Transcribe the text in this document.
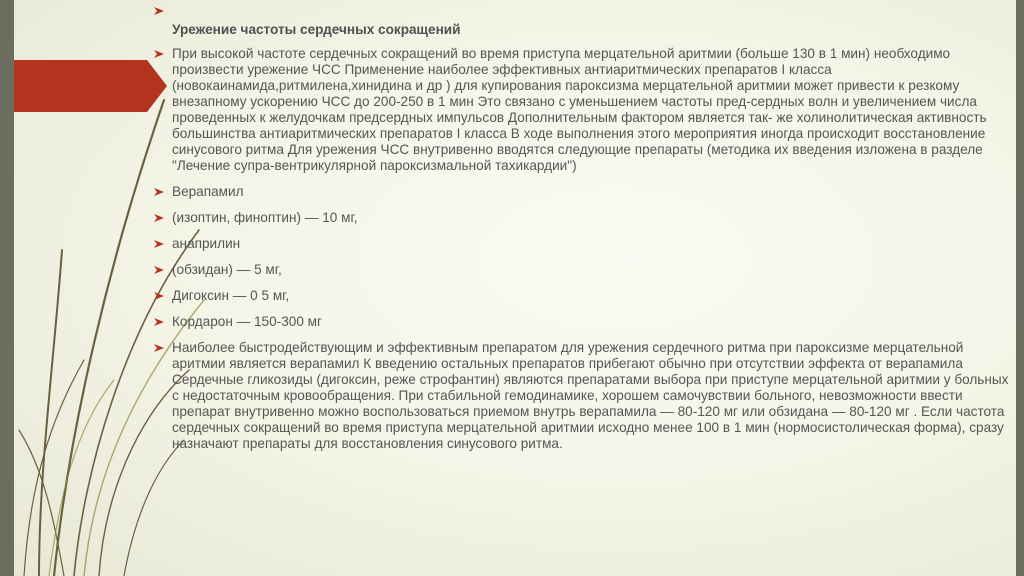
Урежение частоты сердечных сокращений
При высокой частоте сердечных сокращений во время приступа мерцательной аритмии (больше 130 в 1 мин) необходимо произвести урежение ЧСС Применение наиболее эффективных антиаритмических препаратов I класса (новокаинамида,ритмилена,хинидина и др ) для купирования пароксизма мерцательной аритмии может привести к резкому внезапному ускорению ЧСС до 200-250 в 1 мин Это связано с уменьшением частоты пред-сердных волн и увеличением числа проведенных к желудочкам предсердных импульсов Дополнительным фактором является так- же холинолитическая активность большинства антиаритмических препаратов I класса В ходе выполнения этого мероприятия иногда происходит восстановление синусового ритма Для урежения ЧСС внутривенно вводятся следующие препараты (методика их введения изложена в разделе "Лечение супра-вентрикулярной пароксизмальной тахикардии")
Верапамил
(изоптин, финоптин) — 10 мг,
анаприлин
(обзидан) — 5 мг,
Дигоксин — 0 5 мг,
Кордарон — 150-300 мг
Наиболее быстродействующим и эффективным препаратом для урежения сердечного ритма при пароксизме мерцательной аритмии является верапамил К введению остальных препаратов прибегают обычно при отсутствии эффекта от верапамила Сердечные гликозиды (дигоксин, реже строфантин) являются препаратами выбора при приступе мерцательной аритмии у больных с недостаточным кровообращения. При стабильной гемодинамике, хорошем самочувствии больного, невозможности ввести препарат внутривенно можно воспользоваться приемом внутрь верапамила — 80-120 мг или обзидана — 80-120 мг . Если частота сердечных сокращений во время приступа мерцательной аритмии исходно менее 100 в 1 мин (нормосистолическая форма), сразу назначают препараты для восстановления синусового ритма.
